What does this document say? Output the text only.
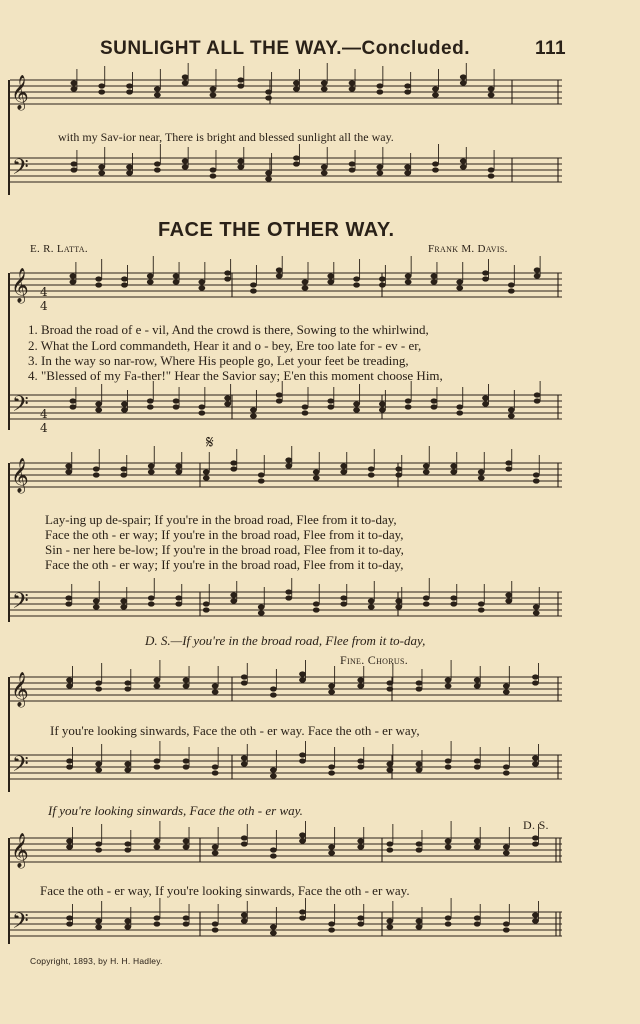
SUNLIGHT ALL THE WAY.—Concluded.	111
𝄞
𝄢
𝄞
𝄢
𝄞
𝄢
𝄞
𝄢
𝄞
𝄢
4
4
4
4
with my Sav-ior near, There is bright and blessed sunlight all the way.
FACE THE OTHER WAY.
E. R. Latta.	Frank M. Davis.
1. Broad the road of e - vil, And the crowd is there, Sowing to the whirlwind,
2. What the Lord commandeth, Hear it and o - bey, Ere too late for - ev - er,
3. In the way so nar-row, Where His people go, Let your feet be treading,
4. "Blessed of my Fa-ther!" Hear the Savior say; E'en this moment choose Him,
𝄋
Lay-ing up de-spair; If you're in the broad road, Flee from it to-day,
Face the oth - er way; If you're in the broad road, Flee from it to-day,
Sin - ner here be-low; If you're in the broad road, Flee from it to-day,
Face the oth - er way; If you're in the broad road, Flee from it to-day,
D. S.—If you're in the broad road, Flee from it to-day,
Fine. Chorus.
If you're looking sinwards, Face the oth - er way. Face the oth - er way,
If you're looking sinwards, Face the oth - er way.
D. S.
Face the oth - er way, If you're looking sinwards, Face the oth - er way.
Copyright, 1893, by H. H. Hadley.
